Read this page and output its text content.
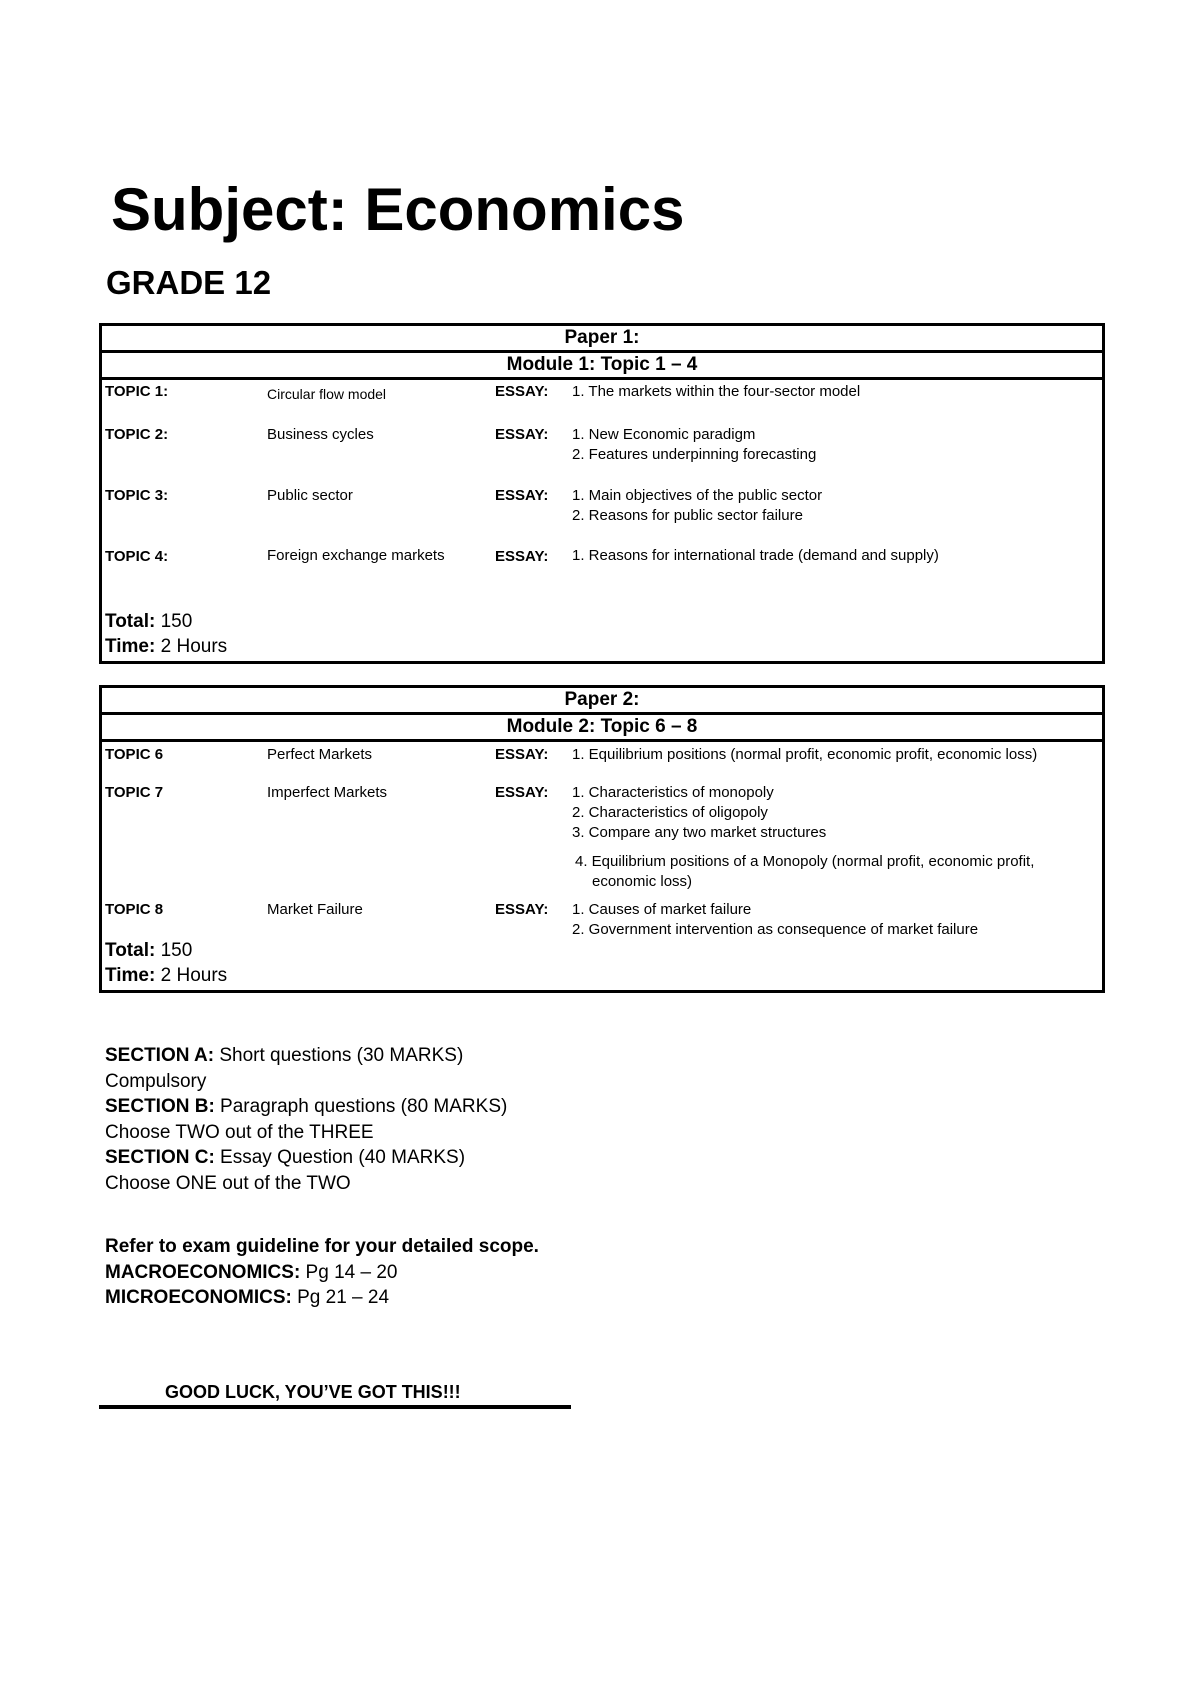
Subject: Economics
GRADE 12
Paper 1:
Module 1: Topic 1 – 4
TOPIC 1:	Circular flow model	ESSAY:	1. The markets within the four-sector model
TOPIC 2:	Business cycles	ESSAY:	1. New Economic paradigm
2. Features underpinning forecasting
TOPIC 3:	Public sector	ESSAY:	1. Main objectives of the public sector
2. Reasons for public sector failure
TOPIC 4:	Foreign exchange markets	ESSAY:	1. Reasons for international trade (demand and supply)
Total: 150
Time: 2 Hours
Paper 2:
Module 2: Topic 6 – 8
TOPIC 6	Perfect Markets	ESSAY:	1. Equilibrium positions (normal profit, economic profit, economic loss)
TOPIC 7	Imperfect Markets	ESSAY:	1. Characteristics of monopoly
2. Characteristics of oligopoly
3. Compare any two market structures
4. Equilibrium positions of a Monopoly (normal profit, economic profit,
economic loss)
TOPIC 8	Market Failure	ESSAY:	1. Causes of market failure
2. Government intervention as consequence of market failure
Total: 150
Time: 2 Hours
SECTION A: Short questions (30 MARKS)
Compulsory
SECTION B: Paragraph questions (80 MARKS)
Choose TWO out of the THREE
SECTION C: Essay Question (40 MARKS)
Choose ONE out of the TWO
Refer to exam guideline for your detailed scope.
MACROECONOMICS: Pg 14 – 20
MICROECONOMICS: Pg 21 – 24
GOOD LUCK, YOU’VE GOT THIS!!!
